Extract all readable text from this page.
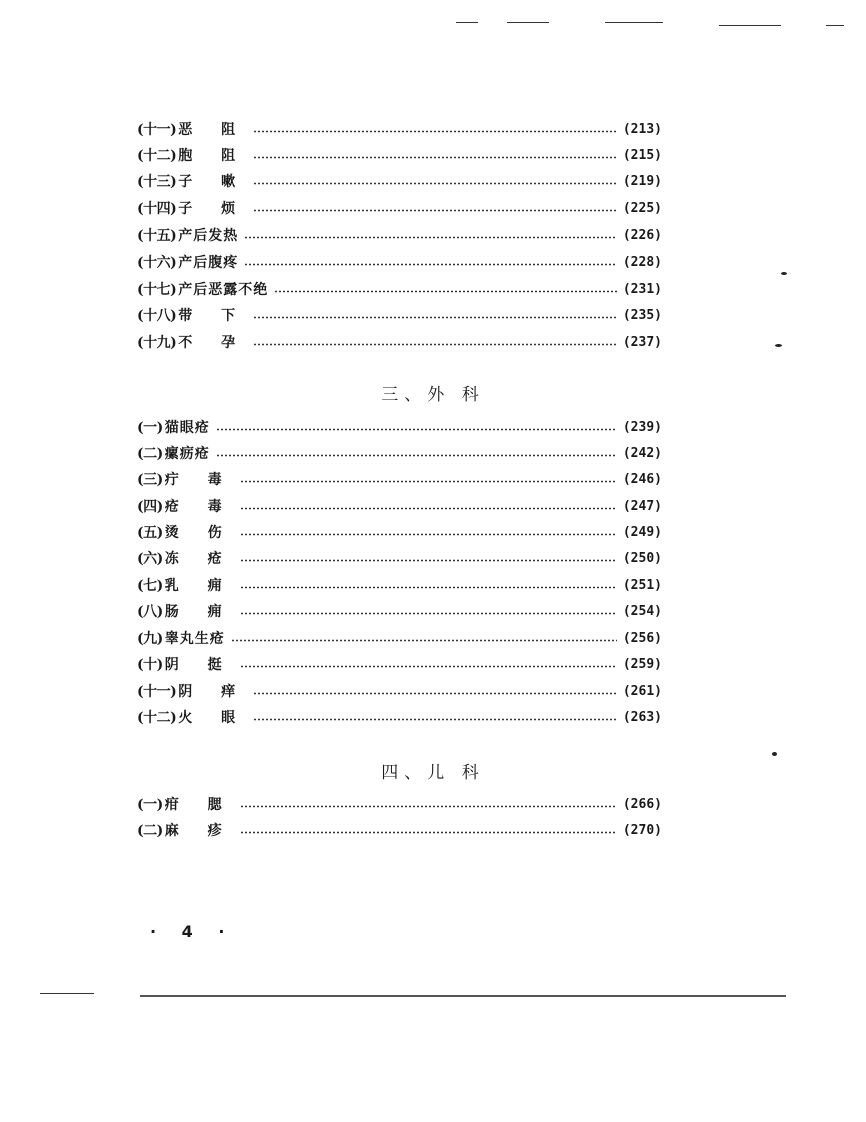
(十一) 恶 阻	(213)
(十二) 胞 阻	(215)
(十三) 子 嗽	(219)
(十四) 子 烦	(225)
(十五) 产后发热	(226)
(十六) 产后腹疼	(228)
(十七) 产后恶露不绝	(231)
(十八) 带 下	(235)
(十九) 不 孕	(237)
三、外 科
(一) 猫眼疮	(239)
(二) 瘰疬疮	(242)
(三) 疔 毒	(246)
(四) 疮 毒	(247)
(五) 烫 伤	(249)
(六) 冻 疮	(250)
(七) 乳 痈	(251)
(八) 肠 痈	(254)
(九) 睾丸生疮	(256)
(十) 阴 挺	(259)
(十一) 阴 痒	(261)
(十二) 火 眼	(263)
四、儿 科
(一) 疳 腮	(266)
(二) 麻 疹	(270)
· 4 ·
